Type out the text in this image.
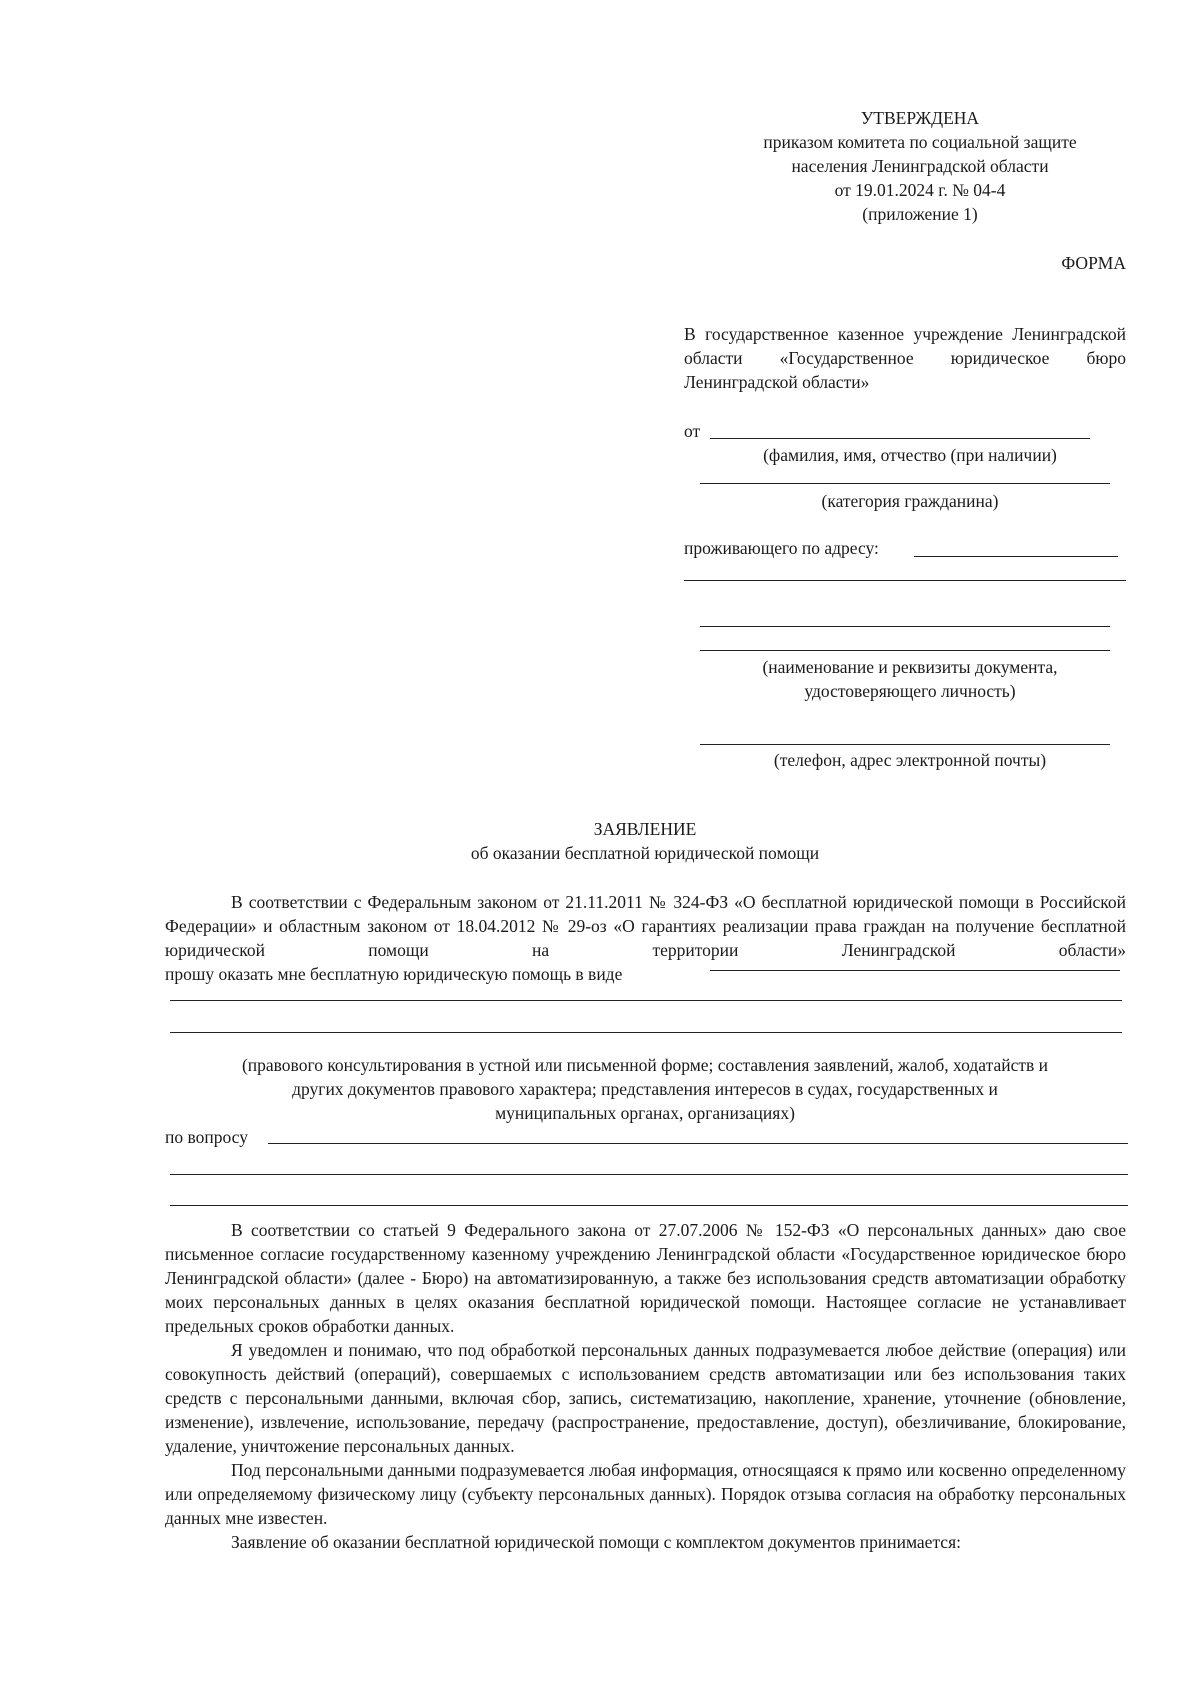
УТВЕРЖДЕНА
приказом комитета по социальной защите
населения Ленинградской области
от 19.01.2024 г. № 04-4
(приложение 1)
ФОРМА
В государственное казенное учреждение Ленинградской области «Государственное юридическое бюро Ленинградской области»
от
(фамилия, имя, отчество (при наличии)
(категория гражданина)
проживающего по адресу:
(наименование и реквизиты документа,
удостоверяющего личность)
(телефон, адрес электронной почты)
ЗАЯВЛЕНИЕ
об оказании бесплатной юридической помощи

В соответствии с Федеральным законом от 21.11.2011 № 324-ФЗ «О бесплатной юридической помощи в Российской Федерации» и областным законом от 18.04.2012 № 29-оз «О гарантиях реализации права граждан на получение бесплатной юридической помощи на территории Ленинградской области»

прошу оказать мне бесплатную юридическую помощь в виде
(правового консультирования в устной или письменной форме; составления заявлений, жалоб, ходатайств и
других документов правового характера; представления интересов в судах, государственных и
муниципальных органах, организациях)
по вопросу

В соответствии со статьей 9 Федерального закона от 27.07.2006 № 152-ФЗ «О персональных данных» даю свое письменное согласие государственному казенному учреждению Ленинградской области «Государственное юридическое бюро Ленинградской области» (далее - Бюро) на автоматизированную, а также без использования средств автоматизации обработку моих персональных данных в целях оказания бесплатной юридической помощи. Настоящее согласие не устанавливает предельных сроков обработки данных.

Я уведомлен и понимаю, что под обработкой персональных данных подразумевается любое действие (операция) или совокупность действий (операций), совершаемых с использованием средств автоматизации или без использования таких средств с персональными данными, включая сбор, запись, систематизацию, накопление, хранение, уточнение (обновление, изменение), извлечение, использование, передачу (распространение, предоставление, доступ), обезличивание, блокирование, удаление, уничтожение персональных данных.

Под персональными данными подразумевается любая информация, относящаяся к прямо или косвенно определенному или определяемому физическому лицу (субъекту персональных данных). Порядок отзыва согласия на обработку персональных данных мне известен.

Заявление об оказании бесплатной юридической помощи с комплектом документов принимается:
